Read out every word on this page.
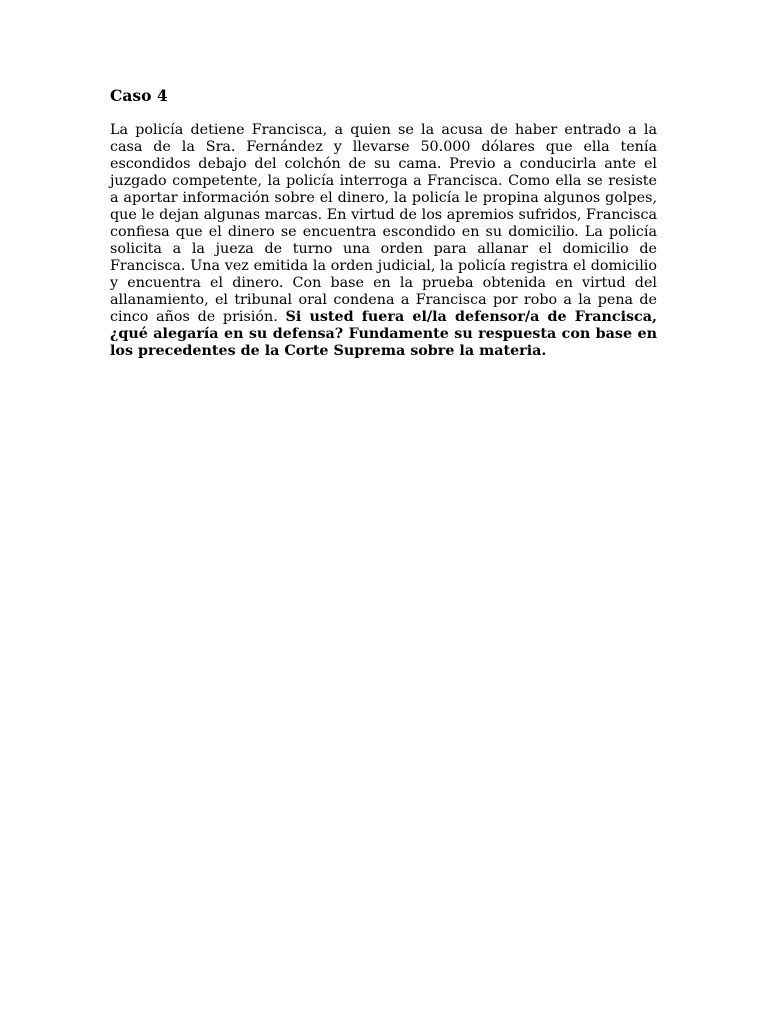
Caso 4

La policía detiene Francisca, a quien se la acusa de haber entrado a la casa de la Sra. Fernández y llevarse 50.000 dólares que ella tenía escondidos debajo del colchón de su cama. Previo a conducirla ante el juzgado competente, la policía interroga a Francisca. Como ella se resiste a aportar información sobre el dinero, la policía le propina algunos golpes, que le dejan algunas marcas. En virtud de los apremios sufridos, Francisca confiesa que el dinero se encuentra escondido en su domicilio. La policía solicita a la jueza de turno una orden para allanar el domicilio de Francisca. Una vez emitida la orden judicial, la policía registra el domicilio y encuentra el dinero. Con base en la prueba obtenida en virtud del allanamiento, el tribunal oral condena a Francisca por robo a la pena de cinco años de prisión. Si usted fuera el/la defensor/a de Francisca, ¿qué alegaría en su defensa? Fundamente su respuesta con base en los precedentes de la Corte Suprema sobre la materia.
